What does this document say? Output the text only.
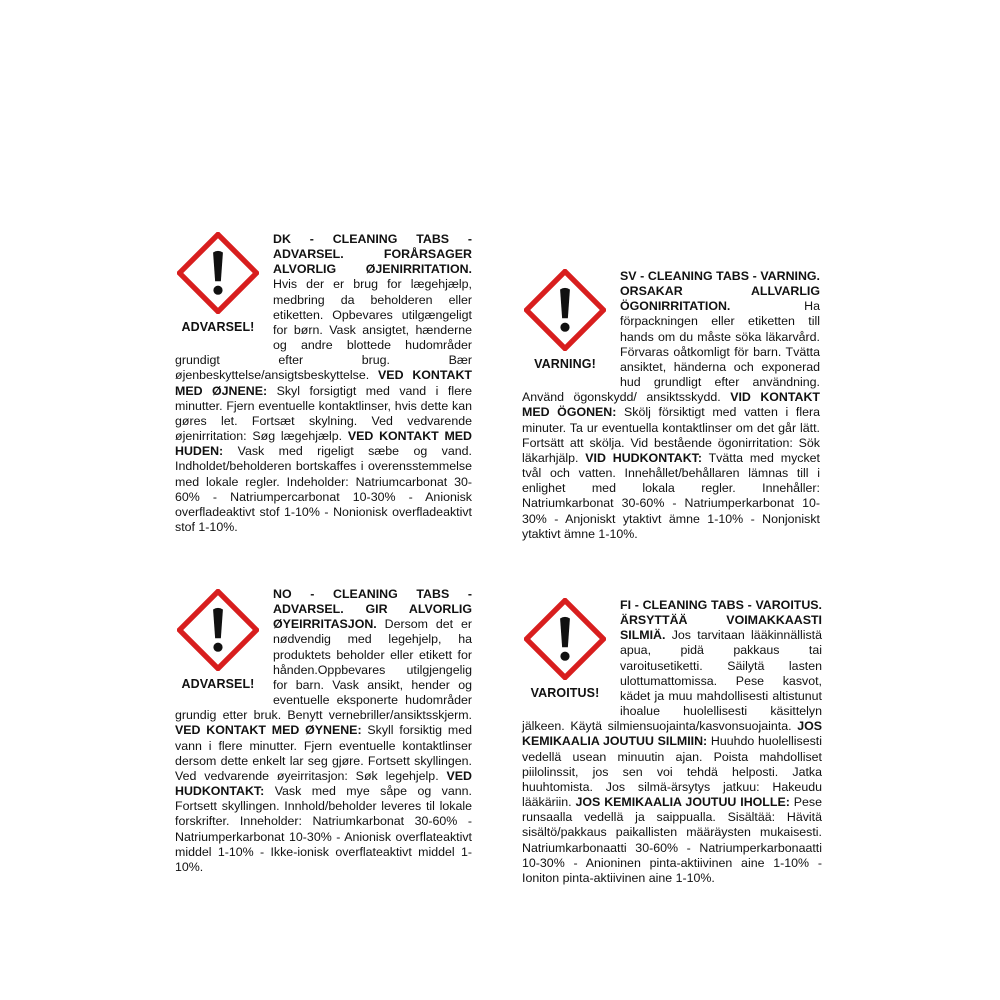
ADVARSEL!

DK - CLEANING TABS - ADVARSEL. FORÅRSAGER ALVORLIG ØJENIRRITATION. Hvis der er brug for lægehjælp, medbring da beholderen eller etiketten. Opbevares utilgængeligt for børn. Vask ansigtet, hænderne og andre blottede hudområder grundigt efter brug. Bær øjenbeskyttelse/ansigtsbeskyttelse. VED KONTAKT MED ØJNENE: Skyl forsigtigt med vand i flere minutter. Fjern eventuelle kontaktlinser, hvis dette kan gøres let. Fortsæt skylning. Ved vedvarende øjenirritation: Søg lægehjælp. VED KONTAKT MED HUDEN: Vask med rigeligt sæbe og vand. Indholdet/beholderen bortskaffes i overensstemmelse med lokale regler. Indeholder: Natriumcarbonat 30-60% - Natriumpercarbonat 10-30% - Anionisk overfladeaktivt stof 1-10% - Nonionisk overfladeaktivt stof 1-10%.

VARNING!

SV - CLEANING TABS - VARNING. ORSAKAR ALLVARLIG ÖGONIRRITATION. Ha förpackningen eller etiketten till hands om du måste söka läkarvård. Förvaras oåtkomligt för barn. Tvätta ansiktet, händerna och exponerad hud grundligt efter användning. Använd ögonskydd/ ansiktsskydd. VID KONTAKT MED ÖGONEN: Skölj försiktigt med vatten i flera minuter. Ta ur eventuella kontaktlinser om det går lätt. Fortsätt att skölja. Vid bestående ögonirritation: Sök läkarhjälp. VID HUDKONTAKT: Tvätta med mycket tvål och vatten. Innehållet/behållaren lämnas till i enlighet med lokala regler. Innehåller: Natriumkarbonat 30-60% - Natriumperkarbonat 10-30% - Anjoniskt ytaktivt ämne 1-10% - Nonjoniskt ytaktivt ämne 1-10%.

ADVARSEL!

NO - CLEANING TABS - ADVARSEL. GIR ALVORLIG ØYEIRRITASJON. Dersom det er nødvendig med legehjelp, ha produktets beholder eller etikett for hånden.Oppbevares utilgjengelig for barn. Vask ansikt, hender og eventuelle eksponerte hudområder grundig etter bruk. Benytt vernebriller/ansiktsskjerm. VED KONTAKT MED ØYNENE: Skyll forsiktig med vann i flere minutter. Fjern eventuelle kontaktlinser dersom dette enkelt lar seg gjøre. Fortsett skyllingen. Ved vedvarende øyeirritasjon: Søk legehjelp. VED HUDKONTAKT: Vask med mye såpe og vann. Fortsett skyllingen. Innhold/beholder leveres til lokale forskrifter. Inneholder: Natriumkarbonat 30-60% - Natriumperkarbonat 10-30% - Anionisk overflateaktivt middel 1-10% - Ikke-ionisk overflateaktivt middel 1-10%.

VAROITUS!

FI - CLEANING TABS - VAROITUS. ÄRSYTTÄÄ VOIMAKKAASTI SILMIÄ. Jos tarvitaan lääkinnällistä apua, pidä pakkaus tai varoitusetiketti. Säilytä lasten ulottumattomissa. Pese kasvot, kädet ja muu mahdollisesti altistunut ihoalue huolellisesti käsittelyn jälkeen. Käytä silmiensuojainta/kasvonsuojainta. JOS KEMIKAALIA JOUTUU SILMIIN: Huuhdo huolellisesti vedellä usean minuutin ajan. Poista mahdolliset piilolinssit, jos sen voi tehdä helposti. Jatka huuhtomista. Jos silmä-ärsytys jatkuu: Hakeudu lääkäriin. JOS KEMIKAALIA JOUTUU IHOLLE: Pese runsaalla vedellä ja saippualla. Sisältää: Hävitä sisältö/pakkaus paikallisten määräysten mukaisesti. Natriumkarbonaatti 30-60% - Natriumperkarbonaatti 10-30% - Anioninen pinta-aktiivinen aine 1-10% - Ioniton pinta-aktiivinen aine 1-10%.
